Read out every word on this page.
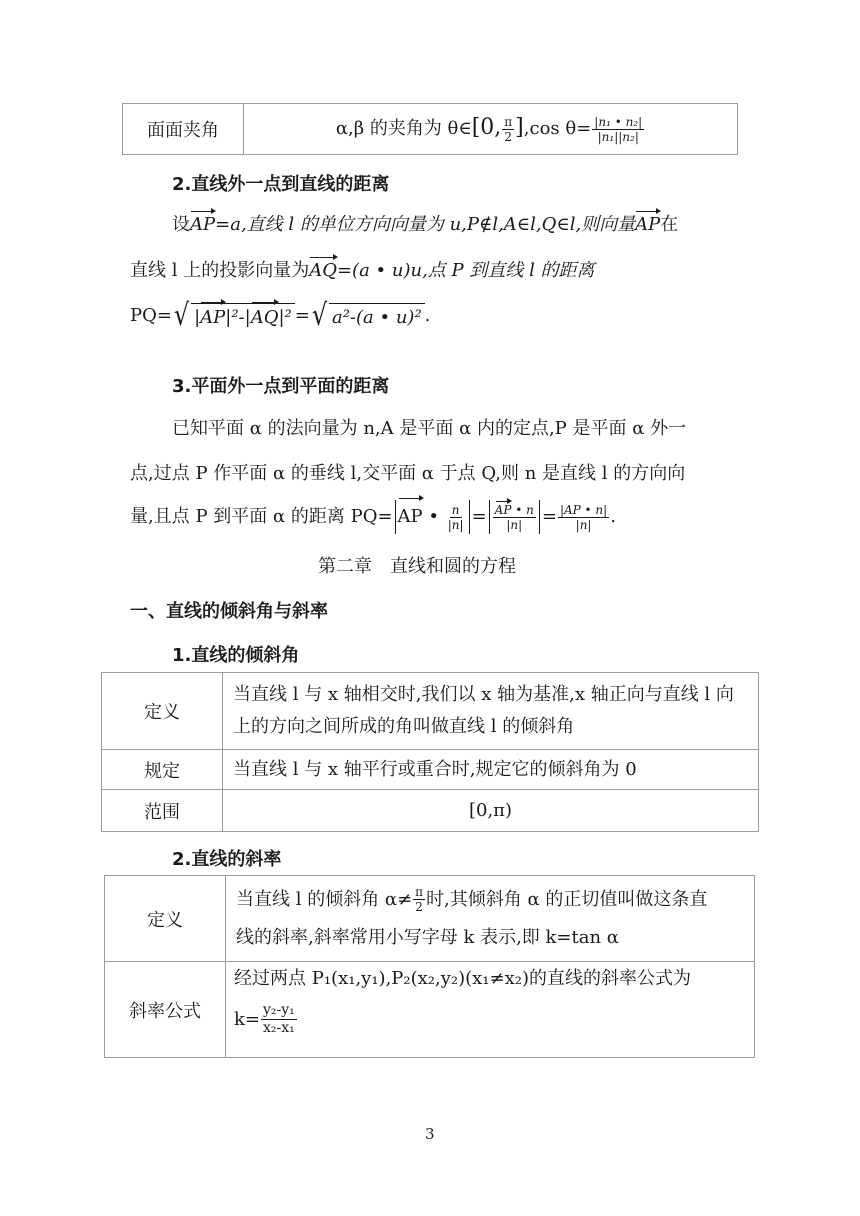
面面夹角	α,β 的夹角为 θ∈[0, $\frac{\pi}{2} ],\cos$ $\theta= \frac{\text{|n₁ • n₂|}}{\text{|n₁||n₂|}}$
2.直线外一点到直线的距离
设AP=a,直线 l 的单位方向向量为 u,P∉l,A∈l,Q∈l,则向量AP在
直线 l 上的投影向量为AQ=(a • u)u,点 P 到直线 l 的距离
PQ= √ |AP|²-|AQ|² = √ a²-(a • u)² .
3.平面外一点到平面的距离
已知平面 α 的法向量为 n,A 是平面 α 内的定点,P 是平面 α 外一
点,过点 P 作平面 α 的垂线 l,交平面 α 于点 Q,则 n 是直线 l 的方向向
量,且点 P 到平面 α 的距离 PQ= AP • $\frac{n}{|n|} = \frac{AP • n}{|n|} = \frac{|AP • n|}{|n|}$ .
第二章 直线和圆的方程
一、直线的倾斜角与斜率
1.直线的倾斜角
定义	当直线 l 与 x 轴相交时,我们以 x 轴为基准,x 轴正向与直线 l 向上的方向之间所成的角叫做直线 l 的倾斜角
规定	当直线 l 与 x 轴平行或重合时,规定它的倾斜角为 0
范围	[0,π)
2.直线的斜率
定义	当直线 l 的倾斜角 $\alpha\ne \frac{\pi}{2}$ 时,其倾斜角 α 的正切值叫做这条直
线的斜率,斜率常用小写字母 k 表示,即 k=tan α

斜率公式	经过两点 P₁(x₁,y₁),P₂(x₂,y₂)(x₁≠x₂)的直线的斜率公式为
$k= \frac{\text{y₂-y₁}}{\text{x₂-x₁}}$
3
